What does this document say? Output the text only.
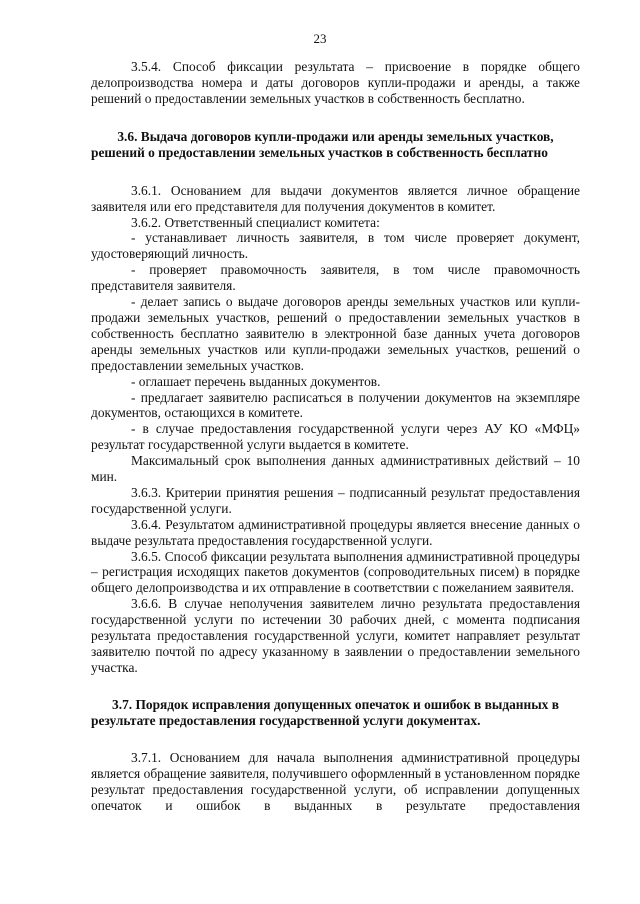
23

3.5.4. Способ фиксации результата – присвоение в порядке общего делопроизводства номера и даты договоров купли-продажи и аренды, а также решений о предоставлении земельных участков в собственность бесплатно.

3.6. Выдача договоров купли-продажи или аренды земельных участков, решений о предоставлении земельных участков в собственность бесплатно

3.6.1. Основанием для выдачи документов является личное обращение заявителя или его представителя для получения документов в комитет.

3.6.2. Ответственный специалист комитета:

- устанавливает личность заявителя, в том числе проверяет документ, удостоверяющий личность.

- проверяет правомочность заявителя, в том числе правомочность представителя заявителя.

- делает запись о выдаче договоров аренды земельных участков или купли-продажи земельных участков, решений о предоставлении земельных участков в собственность бесплатно заявителю в электронной базе данных учета договоров аренды земельных участков или купли-продажи земельных участков, решений о предоставлении земельных участков.

- оглашает перечень выданных документов.

- предлагает заявителю расписаться в получении документов на экземпляре документов, остающихся в комитете.

- в случае предоставления государственной услуги через АУ КО «МФЦ» результат государственной услуги выдается в комитете.

Максимальный срок выполнения данных административных действий – 10 мин.

3.6.3. Критерии принятия решения – подписанный результат предоставления государственной услуги.

3.6.4. Результатом административной процедуры является внесение данных о выдаче результата предоставления государственной услуги.

3.6.5. Способ фиксации результата выполнения административной процедуры – регистрация исходящих пакетов документов (сопроводительных писем) в порядке общего делопроизводства и их отправление в соответствии с пожеланием заявителя.

3.6.6. В случае неполучения заявителем лично результата предоставления государственной услуги по истечении 30 рабочих дней, с момента подписания результата предоставления государственной услуги, комитет направляет результат заявителю почтой по адресу указанному в заявлении о предоставлении земельного участка.

3.7. Порядок исправления допущенных опечаток и ошибок в выданных в результате предоставления государственной услуги документах.

3.7.1. Основанием для начала выполнения административной процедуры является обращение заявителя, получившего оформленный в установленном порядке результат предоставления государственной услуги, об исправлении допущенных опечаток и ошибок в выданных в результате предоставления
